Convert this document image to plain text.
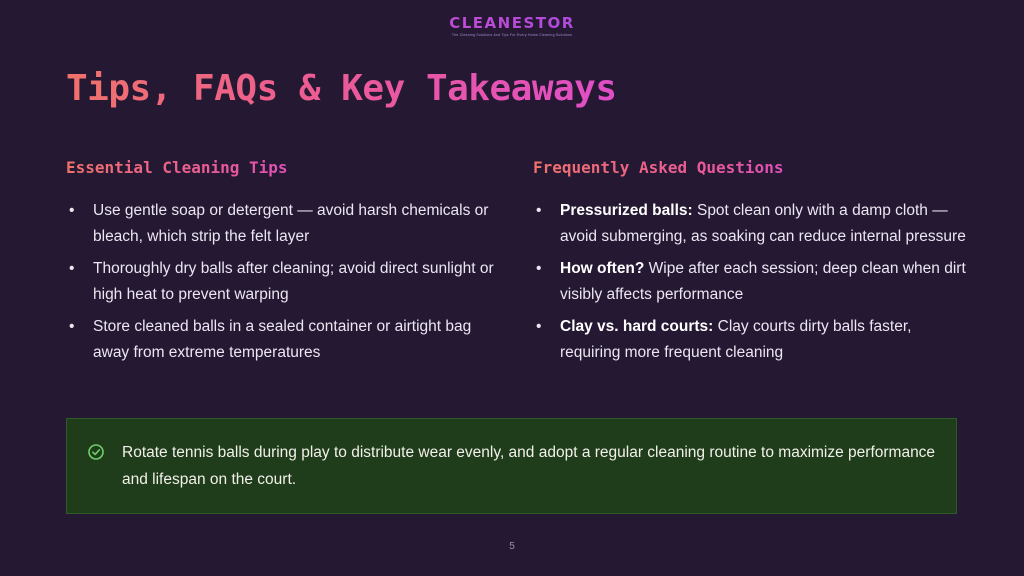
CLEANESTOR
The Cleaning Solutions And Tips For Every Home Cleaning Solutions
Tips, FAQs & Key Takeaways
Essential Cleaning Tips	Frequently Asked Questions
• Use gentle soap or detergent — avoid harsh chemicals or bleach, which strip the felt layer
• Thoroughly dry balls after cleaning; avoid direct sunlight or high heat to prevent warping
• Store cleaned balls in a sealed container or airtight bag away from extreme temperatures
• Pressurized balls: Spot clean only with a damp cloth — avoid submerging, as soaking can reduce internal pressure
• How often? Wipe after each session; deep clean when dirt visibly affects performance
• Clay vs. hard courts: Clay courts dirty balls faster, requiring more frequent cleaning
Rotate tennis balls during play to distribute wear evenly, and adopt a regular cleaning routine to maximize performance and lifespan on the court.
5
